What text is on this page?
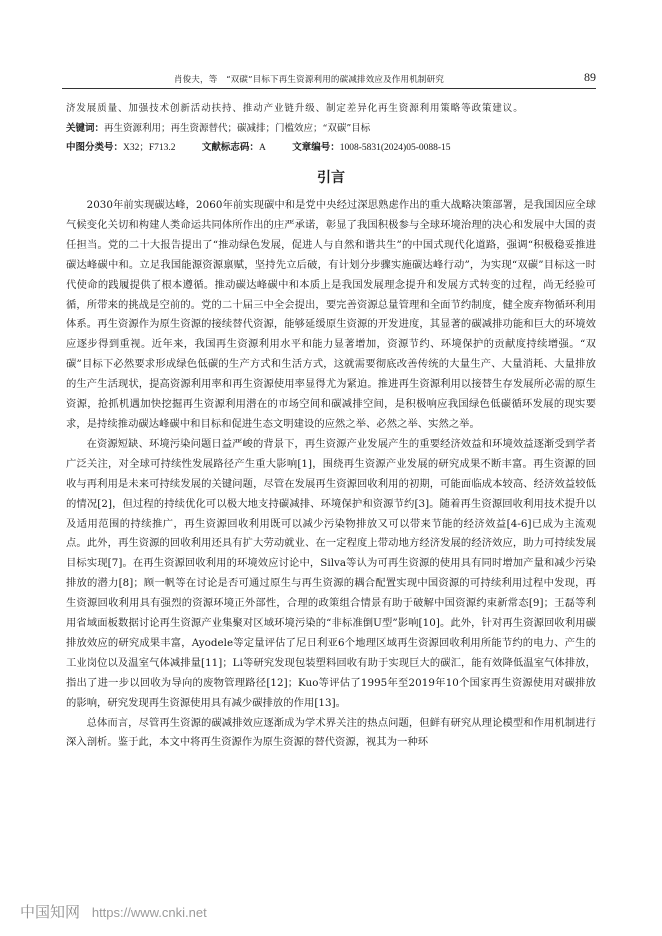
肖俊夫，等　“双碳”目标下再生资源利用的碳减排效应及作用机制研究	89
济发展质量、加强技术创新活动扶持、推动产业链升级、制定差异化再生资源利用策略等政策建议。
关键词：再生资源利用；再生资源替代；碳减排；门槛效应；“双碳”目标
中图分类号：X32；F713.2	文献标志码：A	文章编号：1008-5831(2024)05-0088-15
引言

2030年前实现碳达峰，2060年前实现碳中和是党中央经过深思熟虑作出的重大战略决策部署，是我国因应全球气候变化关切和构建人类命运共同体所作出的庄严承诺，彰显了我国积极参与全球环境治理的决心和发展中大国的责任担当。党的二十大报告提出了“推动绿色发展，促进人与自然和谐共生”的中国式现代化道路，强调“积极稳妥推进碳达峰碳中和。立足我国能源资源禀赋，坚持先立后破，有计划分步骤实施碳达峰行动”，为实现“双碳”目标这一时代使命的践履提供了根本遵循。推动碳达峰碳中和本质上是我国发展理念提升和发展方式转变的过程，尚无经验可循，所带来的挑战是空前的。党的二十届三中全会提出，要完善资源总量管理和全面节约制度，健全废弃物循环利用体系。再生资源作为原生资源的接续替代资源，能够延缓原生资源的开发进度，其显著的碳减排功能和巨大的环境效应逐步得到重视。近年来，我国再生资源利用水平和能力显著增加，资源节约、环境保护的贡献度持续增强。“双碳”目标下必然要求形成绿色低碳的生产方式和生活方式，这就需要彻底改善传统的大量生产、大量消耗、大量排放的生产生活现状，提高资源利用率和再生资源使用率显得尤为紧迫。推进再生资源利用以接替生存发展所必需的原生资源，抢抓机遇加快挖掘再生资源利用潜在的市场空间和碳减排空间，是积极响应我国绿色低碳循环发展的现实要求，是持续推动碳达峰碳中和目标和促进生态文明建设的应然之举、必然之举、实然之举。

在资源短缺、环境污染问题日益严峻的背景下，再生资源产业发展产生的重要经济效益和环境效益逐渐受到学者广泛关注，对全球可持续性发展路径产生重大影响[1]，围绕再生资源产业发展的研究成果不断丰富。再生资源的回收与再利用是未来可持续发展的关键问题，尽管在发展再生资源回收利用的初期，可能面临成本较高、经济效益较低的情况[2]，但过程的持续优化可以极大地支持碳减排、环境保护和资源节约[3]。随着再生资源回收利用技术提升以及适用范围的持续推广，再生资源回收利用既可以减少污染物排放又可以带来节能的经济效益[4-6]已成为主流观点。此外，再生资源的回收利用还具有扩大劳动就业、在一定程度上带动地方经济发展的经济效应，助力可持续发展目标实现[7]。在再生资源回收利用的环境效应讨论中，Silva等认为可再生资源的使用具有同时增加产量和减少污染排放的潜力[8]；顾一帆等在讨论是否可通过原生与再生资源的耦合配置实现中国资源的可持续利用过程中发现，再生资源回收利用具有强烈的资源环境正外部性，合理的政策组合情景有助于破解中国资源约束新常态[9]；王磊等利用省域面板数据讨论再生资源产业集聚对区域环境污染的“非标准倒U型”影响[10]。此外，针对再生资源回收利用碳排放效应的研究成果丰富，Ayodele等定量评估了尼日利亚6个地理区域再生资源回收利用所能节约的电力、产生的工业岗位以及温室气体减排量[11]；Li等研究发现包装塑料回收有助于实现巨大的碳汇，能有效降低温室气体排放，指出了进一步以回收为导向的废物管理路径[12]；Kuo等评估了1995年至2019年10个国家再生资源使用对碳排放的影响，研究发现再生资源使用具有减少碳排放的作用[13]。

总体而言，尽管再生资源的碳减排效应逐渐成为学术界关注的热点问题，但鲜有研究从理论模型和作用机制进行深入剖析。鉴于此，本文中将再生资源作为原生资源的替代资源，视其为一种环

中国知网 https://www.cnki.net
